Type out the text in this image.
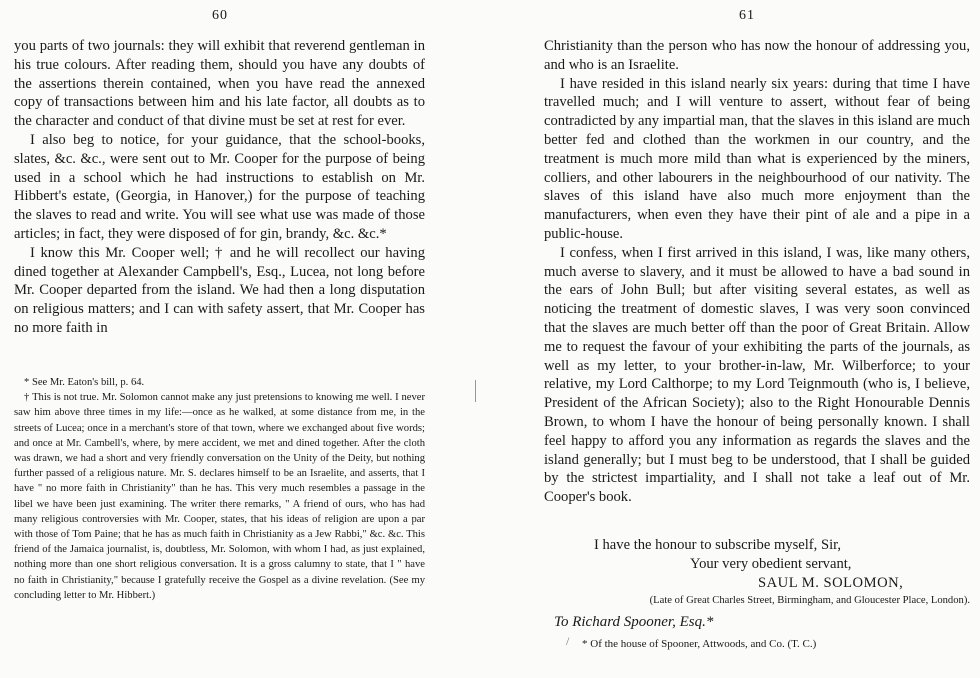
60

you parts of two journals: they will exhibit that reverend gentleman in his true colours. After reading them, should you have any doubts of the assertions therein contained, when you have read the annexed copy of transactions between him and his late factor, all doubts as to the character and conduct of that divine must be set at rest for ever.

I also beg to notice, for your guidance, that the school-books, slates, &c. &c., were sent out to Mr. Cooper for the purpose of being used in a school which he had instructions to establish on Mr. Hibbert's estate, (Georgia, in Hanover,) for the purpose of teaching the slaves to read and write. You will see what use was made of those articles; in fact, they were disposed of for gin, brandy, &c. &c.*

I know this Mr. Cooper well; † and he will recollect our having dined together at Alexander Campbell's, Esq., Lucea, not long before Mr. Cooper departed from the island. We had then a long disputation on religious matters; and I can with safety assert, that Mr. Cooper has no more faith in

* See Mr. Eaton's bill, p. 64.

† This is not true. Mr. Solomon cannot make any just pretensions to knowing me well. I never saw him above three times in my life:—once as he walked, at some distance from me, in the streets of Lucea; once in a merchant's store of that town, where we exchanged about five words; and once at Mr. Cambell's, where, by mere accident, we met and dined together. After the cloth was drawn, we had a short and very friendly conversation on the Unity of the Deity, but nothing further passed of a religious nature. Mr. S. declares himself to be an Israelite, and asserts, that I have " no more faith in Christianity" than he has. This very much resembles a passage in the libel we have been just examining. The writer there remarks, " A friend of ours, who has had many religious controversies with Mr. Cooper, states, that his ideas of religion are upon a par with those of Tom Paine; that he has as much faith in Christianity as a Jew Rabbi," &c. &c. This friend of the Jamaica journalist, is, doubtless, Mr. Solomon, with whom I had, as just explained, nothing more than one short religious conversation. It is a gross calumny to state, that I " have no faith in Christianity," because I gratefully receive the Gospel as a divine revelation. (See my concluding letter to Mr. Hibbert.)

61

Christianity than the person who has now the honour of addressing you, and who is an Israelite.

I have resided in this island nearly six years: during that time I have travelled much; and I will venture to assert, without fear of being contradicted by any impartial man, that the slaves in this island are much better fed and clothed than the workmen in our country, and the treatment is much more mild than what is experienced by the miners, colliers, and other labourers in the neighbourhood of our nativity. The slaves of this island have also much more enjoyment than the manufacturers, when even they have their pint of ale and a pipe in a public-house.

I confess, when I first arrived in this island, I was, like many others, much averse to slavery, and it must be allowed to have a bad sound in the ears of John Bull; but after visiting several estates, as well as noticing the treatment of domestic slaves, I was very soon convinced that the slaves are much better off than the poor of Great Britain. Allow me to request the favour of your exhibiting the parts of the journals, as well as my letter, to your brother-in-law, Mr. Wilberforce; to your relative, my Lord Calthorpe; to my Lord Teignmouth (who is, I believe, President of the African Society); also to the Right Honourable Dennis Brown, to whom I have the honour of being personally known. I shall feel happy to afford you any information as regards the slaves and the island generally; but I must beg to be understood, that I shall be guided by the strictest impartiality, and I shall not take a leaf out of Mr. Cooper's book.

I have the honour to subscribe myself, Sir,

Your very obedient servant,

SAUL M. SOLOMON,

(Late of Great Charles Street, Birmingham, and Gloucester Place, London).

To Richard Spooner, Esq.*

/ * Of the house of Spooner, Attwoods, and Co. (T. C.)
